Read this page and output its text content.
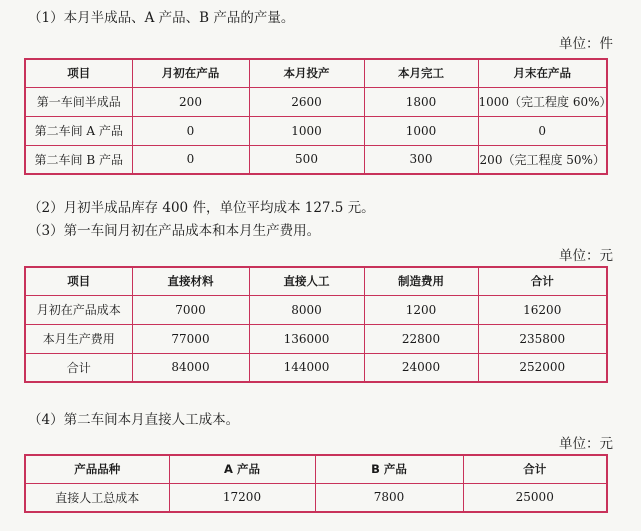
（1）本月半成品、A 产品、B 产品的产量。
单位：件
项目	月初在产品	本月投产	本月完工	月末在产品
第一车间半成品	200	2600	1800	1000（完工程度 60%）
第二车间 A 产品	0	1000	1000	0
第二车间 B 产品	0	500	300	200（完工程度 50%）
（2）月初半成品库存 400 件，单位平均成本 127.5 元。
（3）第一车间月初在产品成本和本月生产费用。
单位：元
项目	直接材料	直接人工	制造费用	合计
月初在产品成本	7000	8000	1200	16200
本月生产费用	77000	136000	22800	235800
合计	84000	144000	24000	252000
（4）第二车间本月直接人工成本。
单位：元
产品品种	A 产品	B 产品	合计
直接人工总成本	17200	7800	25000
